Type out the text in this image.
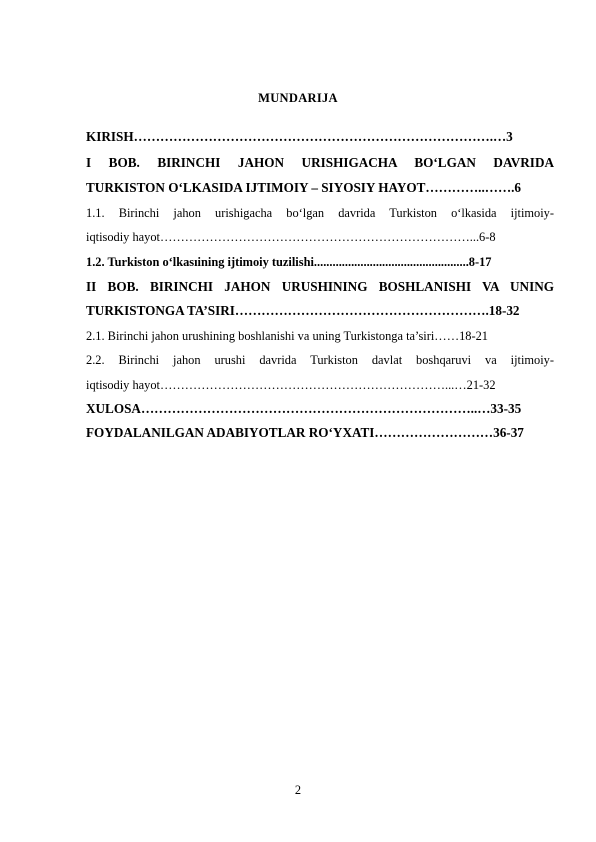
MUNDARIJA
KIRISH……………………………………………………………………….…3
I BOB. BIRINCHI JAHON URISHIGACHA BO‘LGAN DAVRIDA
TURKISTON O‘LKASIDA IJTIMOIY – SIYOSIY HAYOT…………..…….6
1.1. Birinchi jahon urishigacha bo‘lgan davrida Turkiston o‘lkasida ijtimoiy-
iqtisodiy hayot…………………………………………………………………...6-8
1.2. Turkiston o‘lkasıining ijtimoiy tuzilishi..................................................8-17
II BOB. BIRINCHI JAHON URUSHINING BOSHLANISHI VA UNING
TURKISTONGA TA’SIRI………………………………………………….18-32
2.1. Birinchi jahon urushining boshlanishi va uning Turkistonga ta’siri……18-21
2.2. Birinchi jahon urushi davrida Turkiston davlat boshqaruvi va ijtimoiy-
iqtisodiy hayot……………………………………………………………...…21-32
XULOSA…………………………………………………………………..…33-35
FOYDALANILGAN ADABIYOTLAR RO‘YXATI………………………36-37
2
